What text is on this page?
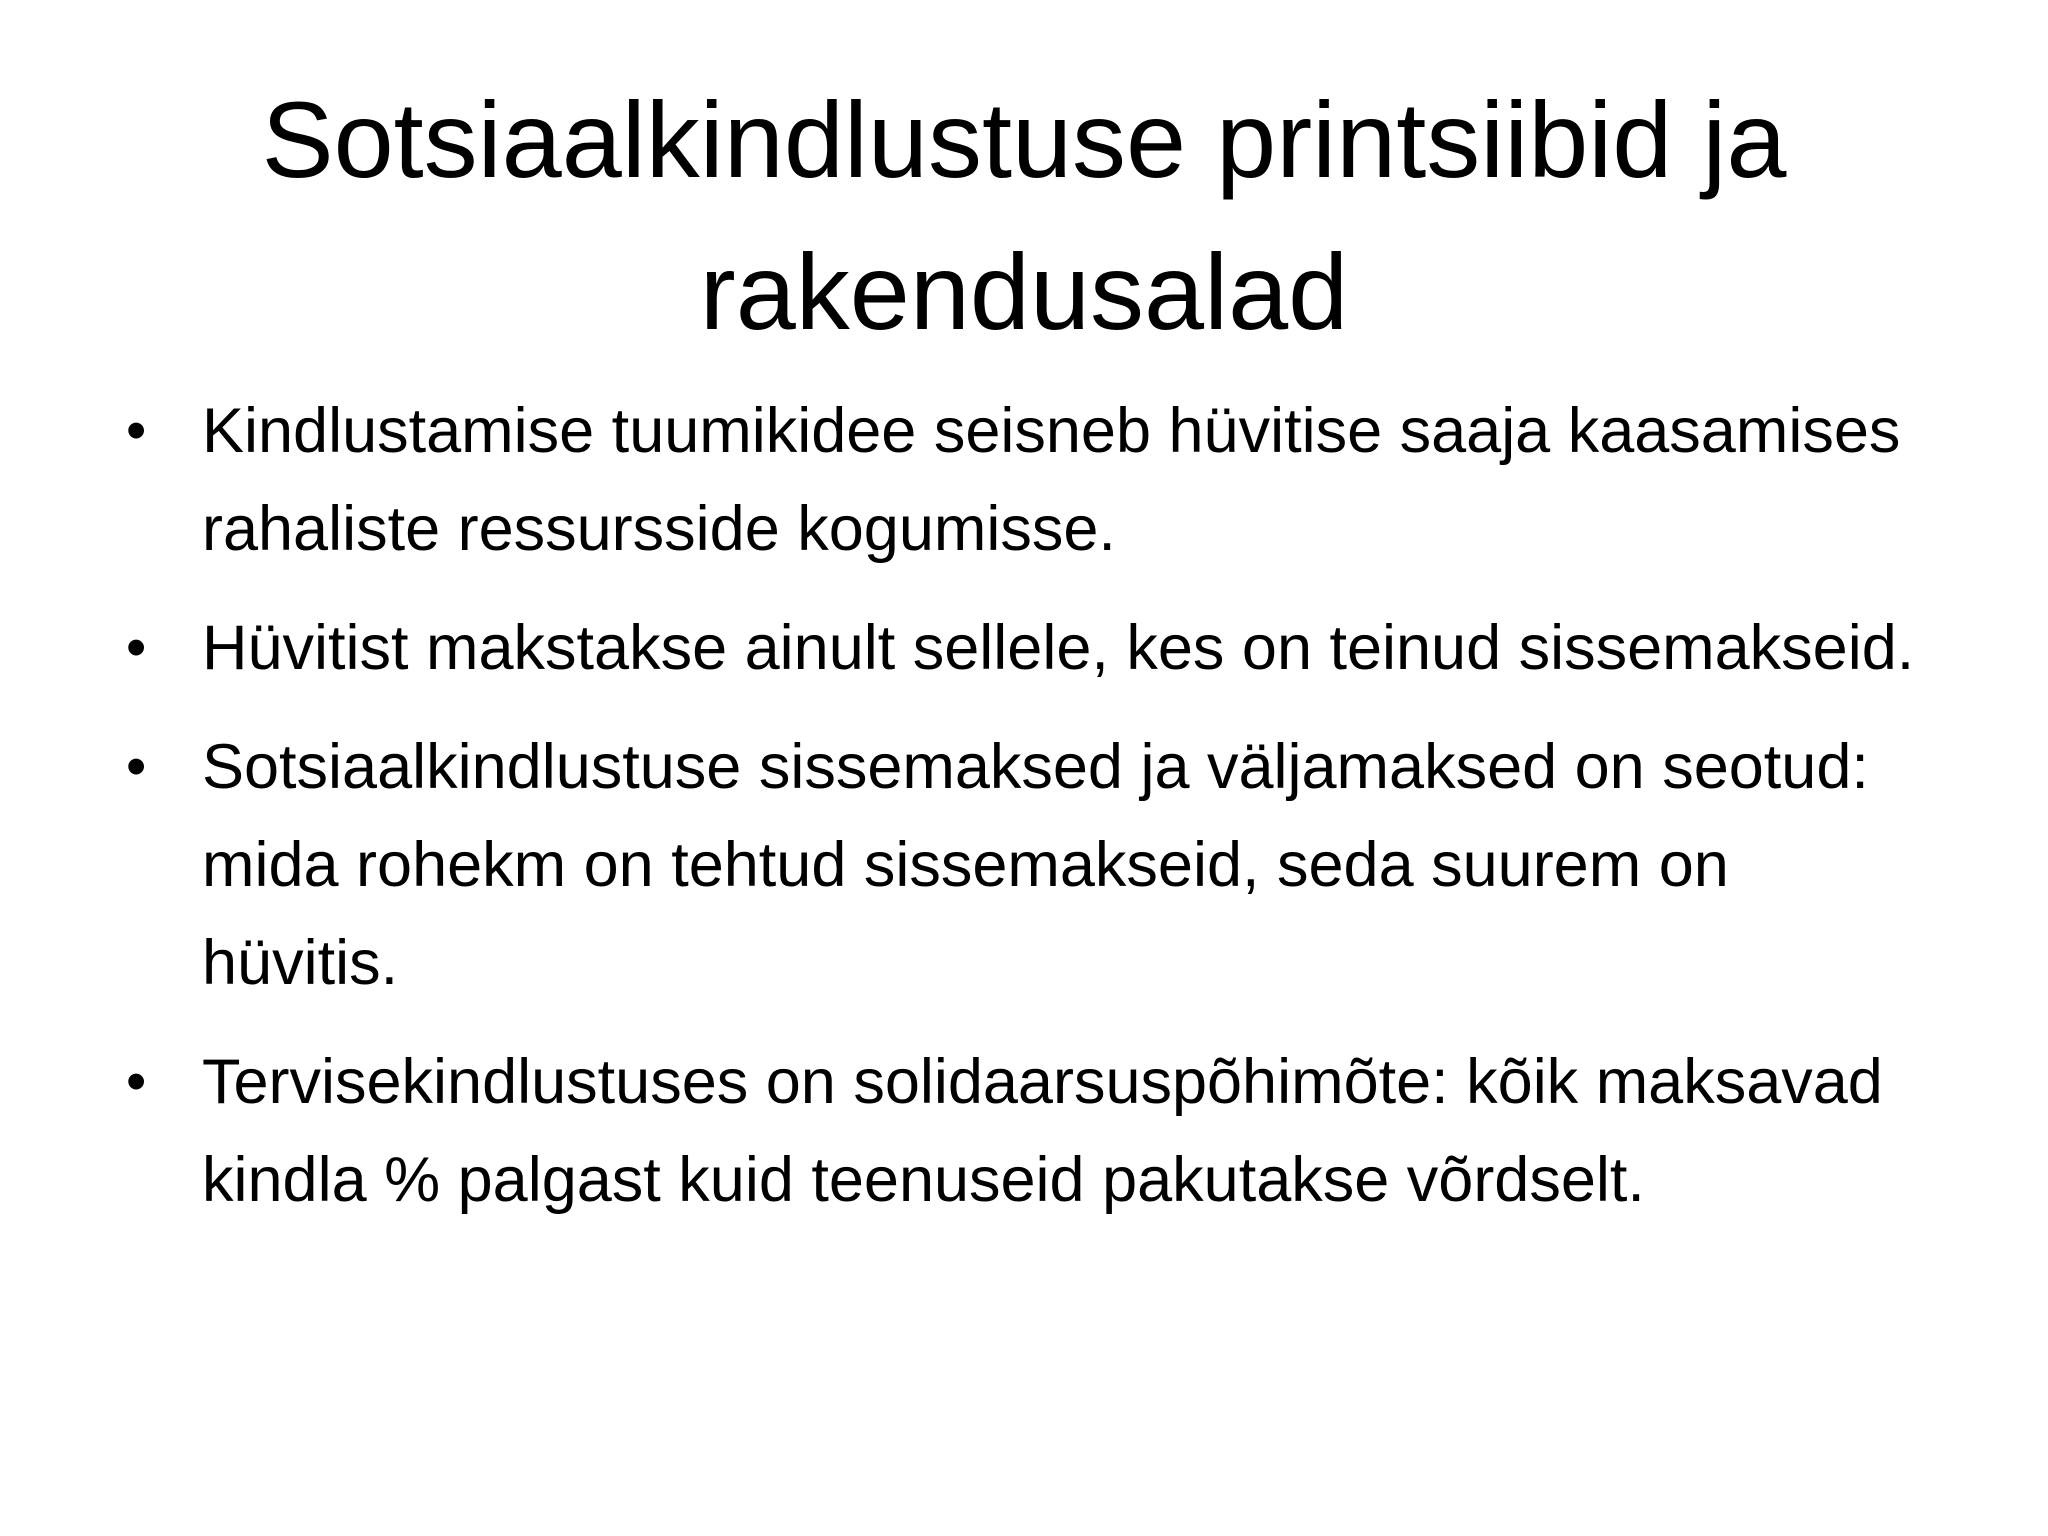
Sotsiaalkindlustuse printsiibid ja rakendusalad
• Kindlustamise tuumikidee seisneb hüvitise saaja kaasamises rahaliste ressursside kogumisse.
• Hüvitist makstakse ainult sellele, kes on teinud sissemakseid.
• Sotsiaalkindlustuse sissemaksed ja väljamaksed on seotud: mida rohekm on tehtud sissemakseid, seda suurem on hüvitis.
• Tervisekindlustuses on solidaarsuspõhimõte: kõik maksavad kindla % palgast kuid teenuseid pakutakse võrdselt.
